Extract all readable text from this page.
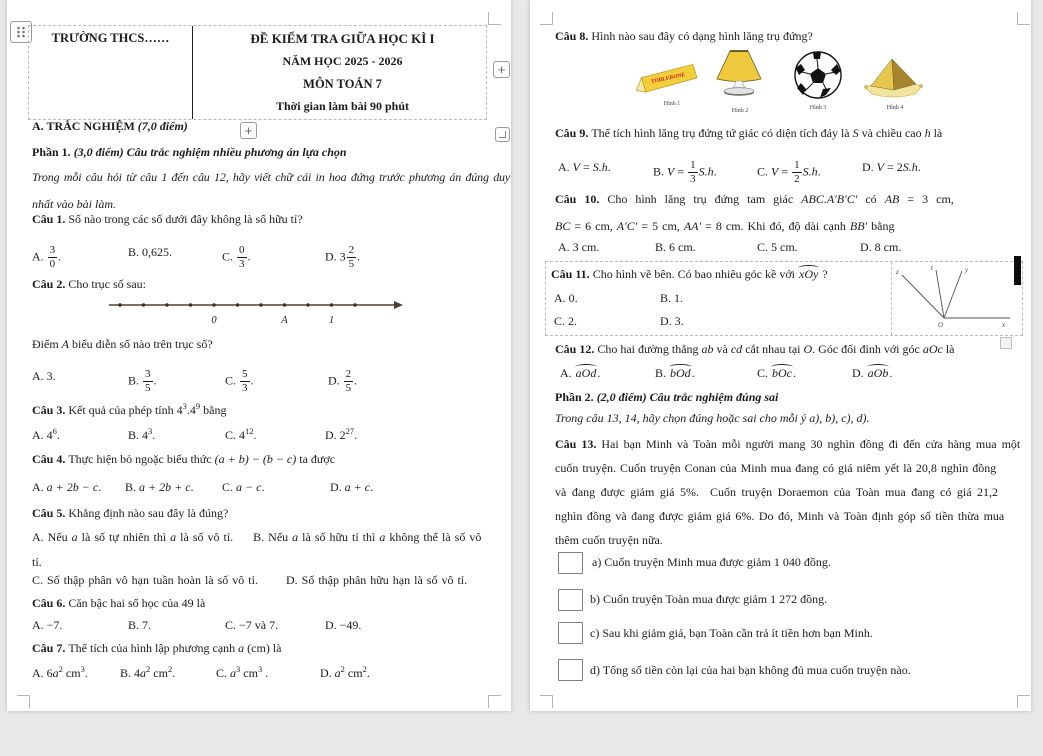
TRƯỜNG THCS……	ĐỀ KIỂM TRA GIỮA HỌC KÌ I
NĂM HỌC 2025 - 2026
MÔN TOÁN 7
Thời gian làm bài 90 phút
+
+
A. TRẮC NGHIỆM (7,0 điểm)
Phần 1. (3,0 điểm) Câu trắc nghiệm nhiều phương án lựa chọn
Trong mỗi câu hỏi từ câu 1 đến câu 12, hãy viết chữ cái in hoa đứng trước phương án đúng duy
nhất vào bài làm.
Câu 1. Số nào trong các số dưới đây không là số hữu tỉ?

A. $\frac{3}{0}$ .

	B. 0,625.

	C. $\frac{0}{3}$ .

	D. $3 \frac{2}{5}$ .

Câu 2. Cho trục số sau:
0	A	1
Điểm A biểu diễn số nào trên trục số?

A. 3.

	B. $\frac{3}{5}$ .

	C. $\frac{5}{3}$ .

	D. $\frac{2}{5}$ .

Câu 3. Kết quả của phép tính $4^3.4^9$ bằng

A. $4^6$.

	B. $4^3$.

	C. $4^{12}$.

	D. $2^{27}$.

Câu 4. Thực hiện bỏ ngoặc biểu thức (a + b) − (b − c) ta được

A. a + 2b − c.

B. a + 2b + c.

C. a − c.

	D. a + c.

Câu 5. Khẳng định nào sau đây là đúng?
A. Nếu a là số tự nhiên thì a là số vô tỉ.     B. Nếu a là số hữu tỉ thì a không thể là số vô
tỉ.
C. Số thập phân vô hạn tuần hoàn là số vô tỉ.       D. Số thập phân hữu hạn là số vô tỉ.
Câu 6. Căn bậc hai số học của 49 là

A. −7.

	B. 7.

	C. −7 và 7.

	D. −49.

Câu 7. Thể tích của hình lập phương cạnh a (cm) là

A. $6a^2$ $cm^3$.

	B. $4a^2$ $cm^2$.

	C. $a^3$ $cm^3$ .

	D. $a^2$ $cm^2$.

Câu 8. Hình nào sau đây có dạng hình lăng trụ đứng?
TOBLERONE
Hình 1
Hình 2	Hình 3	Hình 4
Câu 9. Thể tích hình lăng trụ đứng tứ giác có diện tích đáy là S và chiều cao h là

A. V = S.h.

	B. $V = \frac{1}{3} S.h$.

	C. $V = \frac{1}{2} S.h$.

	D. V = 2S.h.

Câu 10. Cho hình lăng trụ đứng tam giác ABC.A′B′C′ có AB = 3 cm,
BC = 6 cm, A′C′ = 5 cm, AA′ = 8 cm. Khi đó, độ dài cạnh BB′ bằng

A. 3 cm.

	B. 6 cm.

	C. 5 cm.

	D. 8 cm.

Câu 11. Cho hình vẽ bên. Có bao nhiêu góc kề với xOy ?

A. 0.

	B. 1.

C. 2.

	D. 3.

z	t	y
O	x
Câu 12. Cho hai đường thẳng ab và cd cắt nhau tại O. Góc đối đỉnh với góc aOc là

A. aOd.

	B. bOd.

	C. bOc.

	D. aOb.

Phần 2. (2,0 điểm) Câu trắc nghiệm đúng sai
Trong câu 13, 14, hãy chọn đúng hoặc sai cho mỗi ý a), b), c), d).
Câu 13. Hai bạn Minh và Toàn mỗi người mang 30 nghìn đồng đi đến cửa hàng mua một
cuốn truyện. Cuốn truyện Conan của Minh mua đang có giá niêm yết là 20,8 nghìn đồng
và đang được giảm giá 5%.  Cuốn truyện Doraemon của Toàn mua đang có giá 21,2
nghìn đồng và đang được giảm giá 6%. Do đó, Minh và Toàn định góp số tiền thừa mua
thêm cuốn truyện nữa.
a) Cuốn truyện Minh mua được giảm 1 040 đồng.
b) Cuốn truyện Toàn mua được giảm 1 272 đồng.
c) Sau khi giảm giá, bạn Toàn cần trả ít tiền hơn bạn Minh.
d) Tổng số tiền còn lại của hai bạn không đủ mua cuốn truyện nào.
